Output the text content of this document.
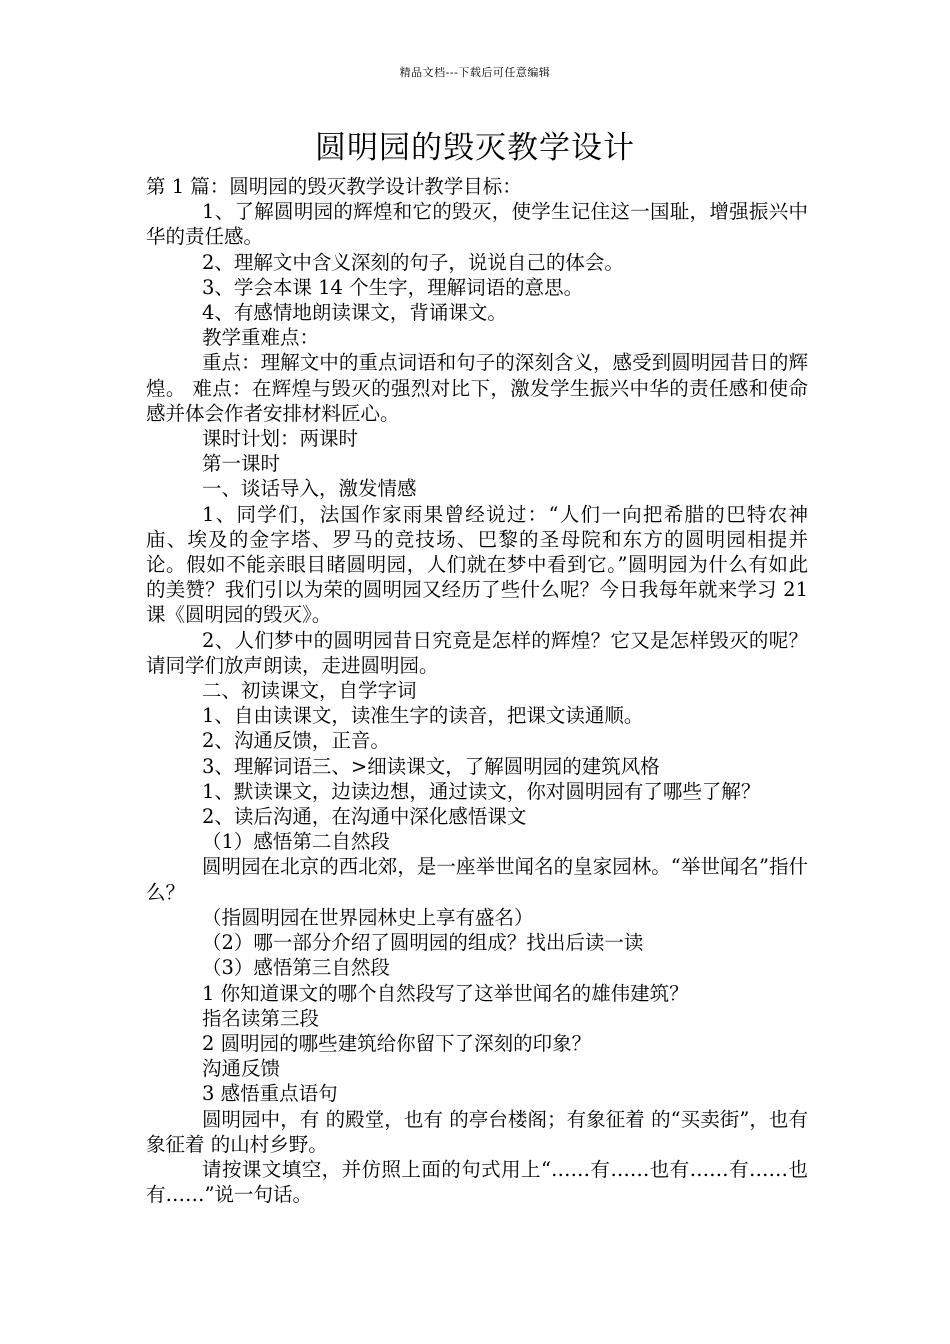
精品文档---下载后可任意编辑
圆明园的毁灭教学设计

第 1 篇：圆明园的毁灭教学设计教学目标：

1、了解圆明园的辉煌和它的毁灭，使学生记住这一国耻，增强振兴中华的责任感。

2、理解文中含义深刻的句子，说说自己的体会。

3、学会本课 14 个生字，理解词语的意思。

4、有感情地朗读课文，背诵课文。

教学重难点：

重点：理解文中的重点词语和句子的深刻含义，感受到圆明园昔日的辉煌。 难点：在辉煌与毁灭的强烈对比下，激发学生振兴中华的责任感和使命感并体会作者安排材料匠心。

课时计划：两课时

第一课时

一、谈话导入，激发情感

1、同学们，法国作家雨果曾经说过：“人们一向把希腊的巴特农神庙、埃及的金字塔、罗马的竞技场、巴黎的圣母院和东方的圆明园相提并论。假如不能亲眼目睹圆明园，人们就在梦中看到它。”圆明园为什么有如此的美赞？我们引以为荣的圆明园又经历了些什么呢？今日我每年就来学习 21 课《圆明园的毁灭》。

2、人们梦中的圆明园昔日究竟是怎样的辉煌？它又是怎样毁灭的呢？请同学们放声朗读，走进圆明园。

二、初读课文，自学字词

1、自由读课文，读准生字的读音，把课文读通顺。

2、沟通反馈，正音。

3、理解词语三、>细读课文，了解圆明园的建筑风格

1、默读课文，边读边想，通过读文，你对圆明园有了哪些了解？

2、读后沟通，在沟通中深化感悟课文

（1）感悟第二自然段

圆明园在北京的西北郊，是一座举世闻名的皇家园林。“举世闻名”指什么？

（指圆明园在世界园林史上享有盛名）

（2）哪一部分介绍了圆明园的组成？找出后读一读

（3）感悟第三自然段

1 你知道课文的哪个自然段写了这举世闻名的雄伟建筑？

指名读第三段

2 圆明园的哪些建筑给你留下了深刻的印象？

沟通反馈

3 感悟重点语句

圆明园中，有 的殿堂，也有 的亭台楼阁；有象征着 的“买卖街”，也有象征着 的山村乡野。

请按课文填空，并仿照上面的句式用上“……有……也有……有……也有……”说一句话。
